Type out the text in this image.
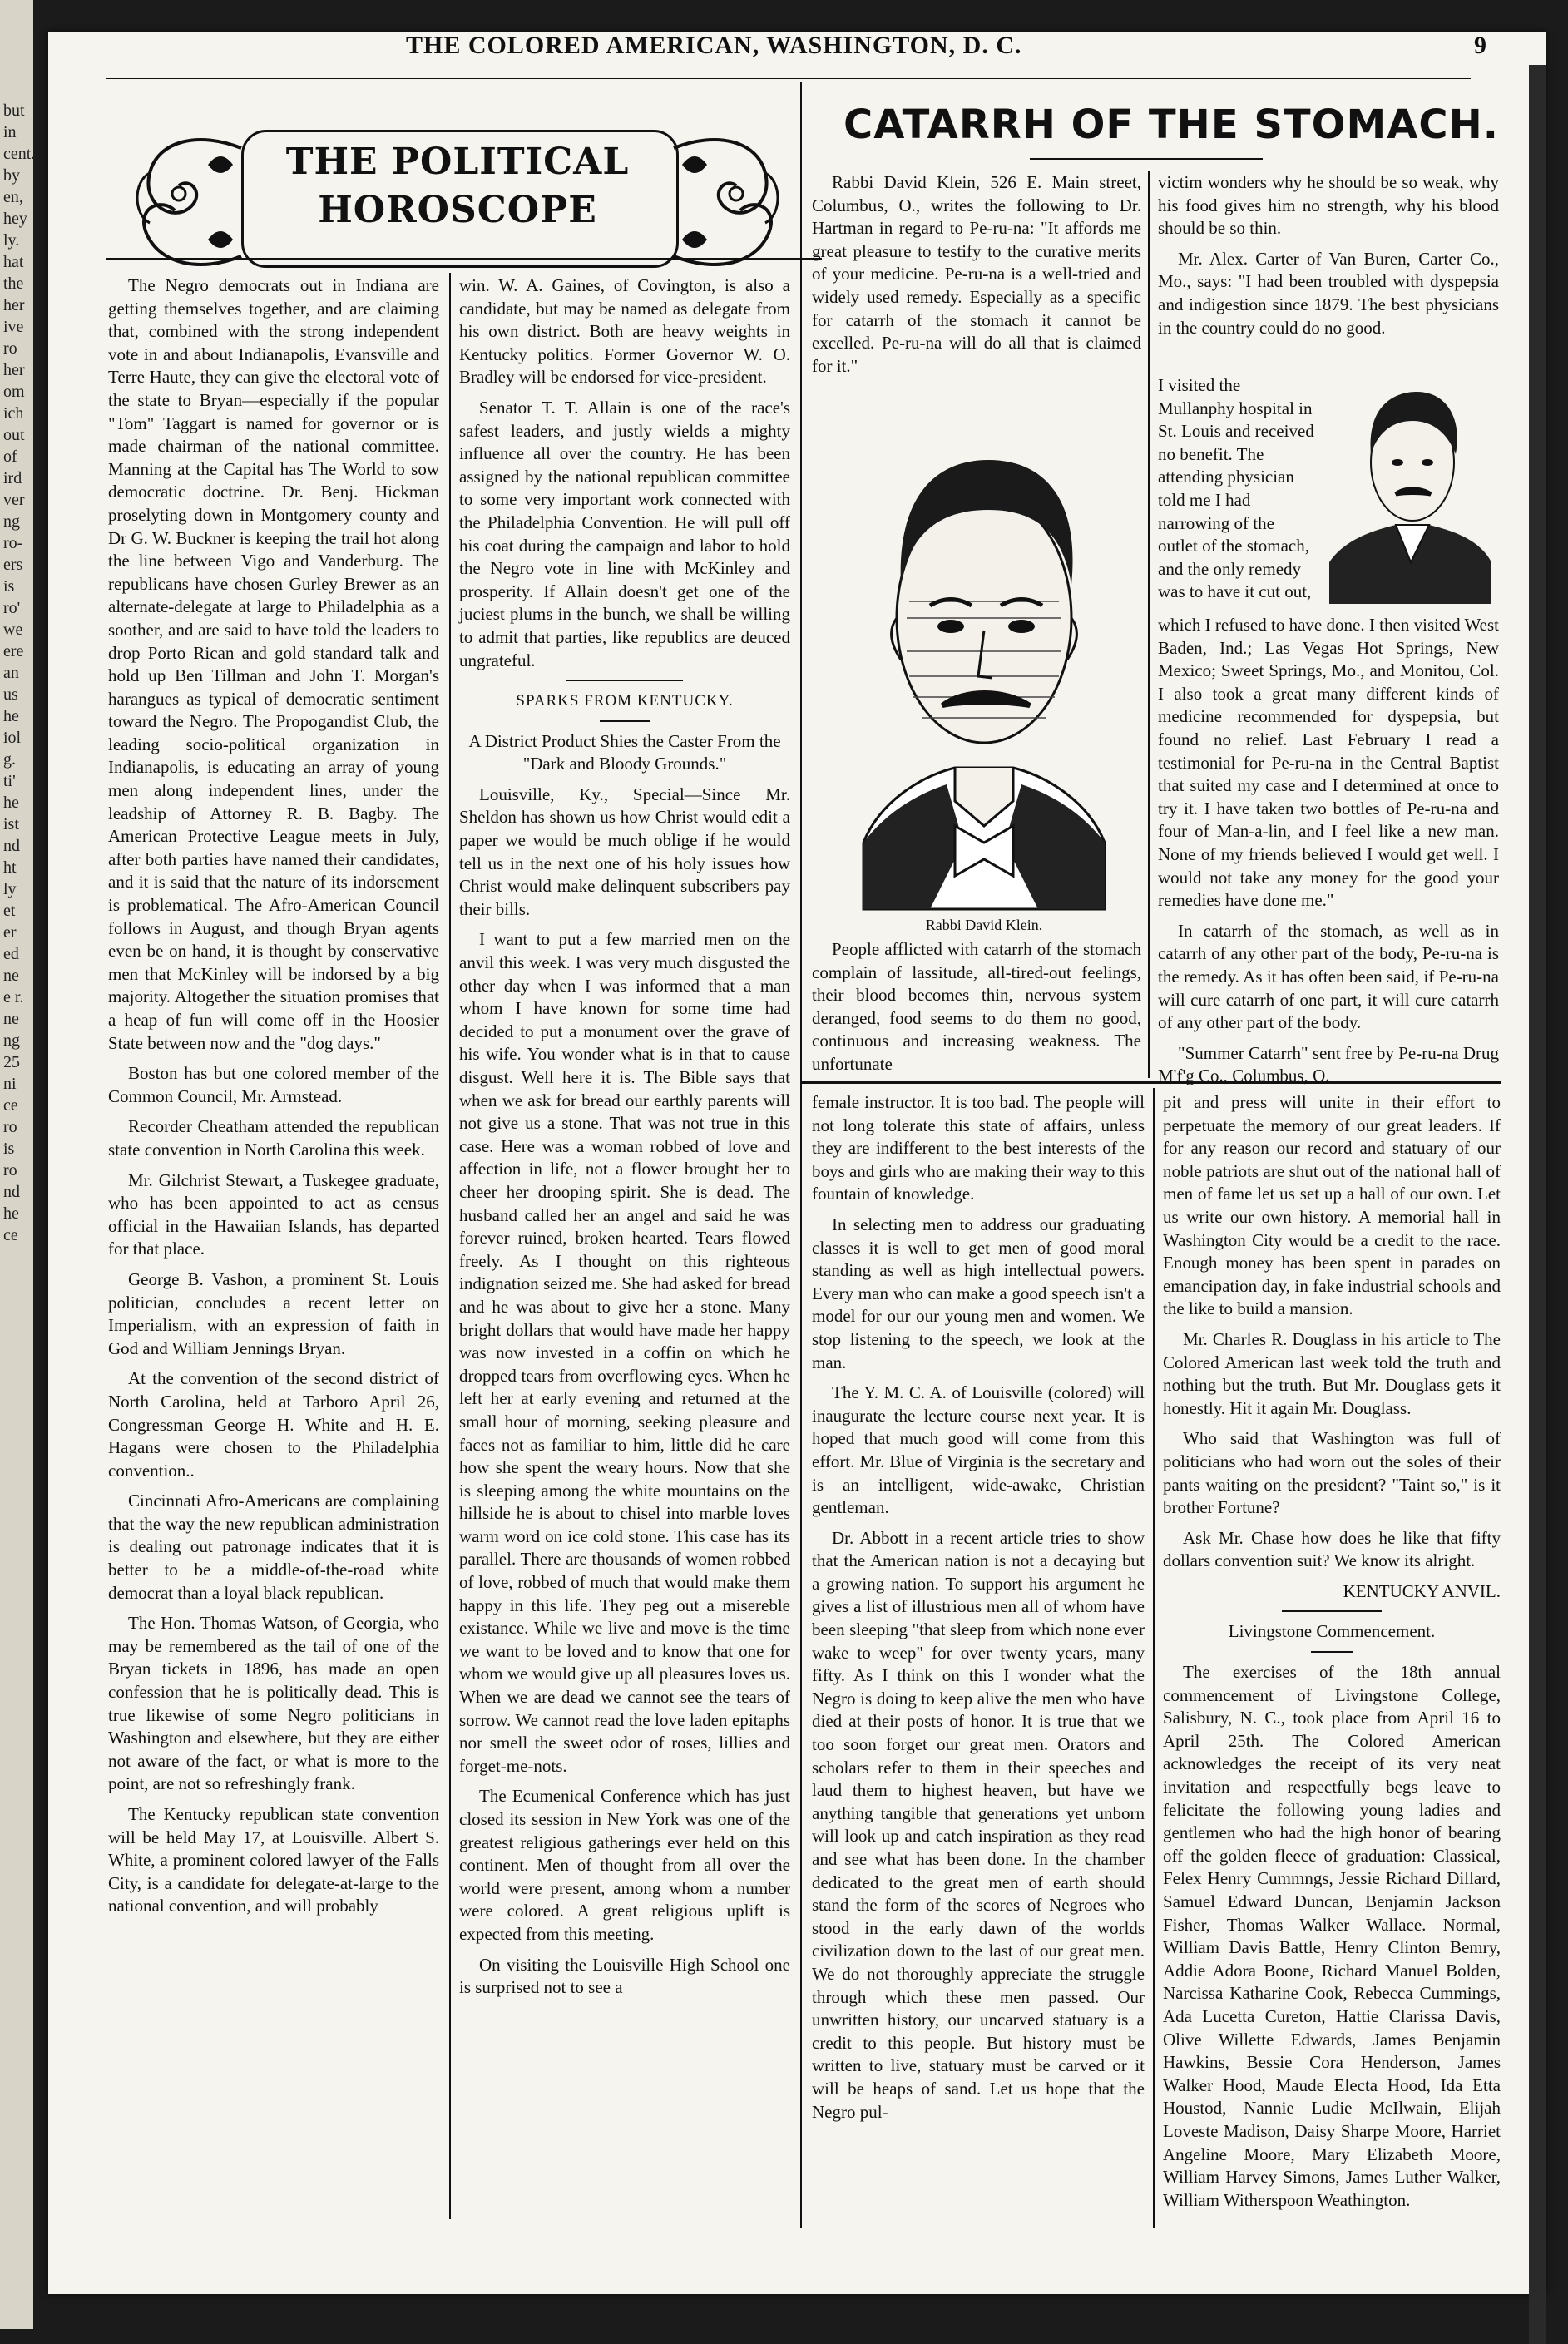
but in cent. by en, hey ly. hat the her ive ro her om ich out of ird ver ng ro- ers is ro' we ere an us he iol g. ti' he ist nd ht ly et er ed ne e r. ne ng 25 ni ce ro is ro nd he ce
THE COLORED AMERICAN, WASHINGTON, D. C.	9
THE POLITICAL
HOROSCOPE

The Negro democrats out in Indiana are getting themselves together, and are claiming that, combined with the strong independent vote in and about Indianapolis, Evansville and Terre Haute, they can give the electoral vote of the state to Bryan—especially if the popular "Tom" Taggart is named for governor or is made chairman of the national committee. Manning at the Capital has The World to sow democratic doctrine. Dr. Benj. Hickman proselyting down in Montgomery county and Dr G. W. Buckner is keeping the trail hot along the line between Vigo and Vanderburg. The republicans have chosen Gurley Brewer as an alternate-delegate at large to Philadelphia as a soother, and are said to have told the leaders to drop Porto Rican and gold standard talk and hold up Ben Tillman and John T. Morgan's harangues as typical of democratic sentiment toward the Negro. The Propogandist Club, the leading socio-political organization in Indianapolis, is educating an array of young men along independent lines, under the leadship of Attorney R. B. Bagby. The American Protective League meets in July, after both parties have named their candidates, and it is said that the nature of its indorsement is problematical. The Afro-American Council follows in August, and though Bryan agents even be on hand, it is thought by conservative men that McKinley will be indorsed by a big majority. Altogether the situation promises that a heap of fun will come off in the Hoosier State between now and the "dog days."

Boston has but one colored member of the Common Council, Mr. Armstead.

Recorder Cheatham attended the republican state convention in North Carolina this week.

Mr. Gilchrist Stewart, a Tuskegee graduate, who has been appointed to act as census official in the Hawaiian Islands, has departed for that place.

George B. Vashon, a prominent St. Louis politician, concludes a recent letter on Imperialism, with an expression of faith in God and William Jennings Bryan.

At the convention of the second district of North Carolina, held at Tarboro April 26, Congressman George H. White and H. E. Hagans were chosen to the Philadelphia convention..

Cincinnati Afro-Americans are complaining that the way the new republican administration is dealing out patronage indicates that it is better to be a middle-of-the-road white democrat than a loyal black republican.

The Hon. Thomas Watson, of Georgia, who may be remembered as the tail of one of the Bryan tickets in 1896, has made an open confession that he is politically dead. This is true likewise of some Negro politicians in Washington and elsewhere, but they are either not aware of the fact, or what is more to the point, are not so refreshingly frank.

The Kentucky republican state convention will be held May 17, at Louisville. Albert S. White, a prominent colored lawyer of the Falls City, is a candidate for delegate-at-large to the national convention, and will probably

win. W. A. Gaines, of Covington, is also a candidate, but may be named as delegate from his own district. Both are heavy weights in Kentucky politics. Former Governor W. O. Bradley will be endorsed for vice-president.

Senator T. T. Allain is one of the race's safest leaders, and justly wields a mighty influence all over the country. He has been assigned by the national republican committee to some very important work connected with the Philadelphia Convention. He will pull off his coat during the campaign and labor to hold the Negro vote in line with McKinley and prosperity. If Allain doesn't get one of the juciest plums in the bunch, we shall be willing to admit that parties, like republics are deuced ungrateful.

SPARKS FROM KENTUCKY.

A District Product Shies the Caster From the "Dark and Bloody Grounds."

Louisville, Ky., Special—Since Mr. Sheldon has shown us how Christ would edit a paper we would be much oblige if he would tell us in the next one of his holy issues how Christ would make delinquent subscribers pay their bills.

I want to put a few married men on the anvil this week. I was very much disgusted the other day when I was informed that a man whom I have known for some time had decided to put a monument over the grave of his wife. You wonder what is in that to cause disgust. Well here it is. The Bible says that when we ask for bread our earthly parents will not give us a stone. That was not true in this case. Here was a woman robbed of love and affection in life, not a flower brought her to cheer her drooping spirit. She is dead. The husband called her an angel and said he was forever ruined, broken hearted. Tears flowed freely. As I thought on this righteous indignation seized me. She had asked for bread and he was about to give her a stone. Many bright dollars that would have made her happy was now invested in a coffin on which he dropped tears from overflowing eyes. When he left her at early evening and returned at the small hour of morning, seeking pleasure and faces not as familiar to him, little did he care how she spent the weary hours. Now that she is sleeping among the white mountains on the hillside he is about to chisel into marble loves warm word on ice cold stone. This case has its parallel. There are thousands of women robbed of love, robbed of much that would make them happy in this life. They peg out a misereble existance. While we live and move is the time we want to be loved and to know that one for whom we would give up all pleasures loves us. When we are dead we cannot see the tears of sorrow. We cannot read the love laden epitaphs nor smell the sweet odor of roses, lillies and forget-me-nots.

The Ecumenical Conference which has just closed its session in New York was one of the greatest religious gatherings ever held on this continent. Men of thought from all over the world were present, among whom a number were colored. A great religious uplift is expected from this meeting.

On visiting the Louisville High School one is surprised not to see a

CATARRH OF THE STOMACH.

Rabbi David Klein, 526 E. Main street, Columbus, O., writes the following to Dr. Hartman in regard to Pe-ru-na: "It affords me great pleasure to testify to the curative merits of your medicine. Pe-ru-na is a well-tried and widely used remedy. Especially as a specific for catarrh of the stomach it cannot be excelled. Pe-ru-na will do all that is claimed for it."

Rabbi David Klein.

People afflicted with catarrh of the stomach complain of lassitude, all-tired-out feelings, their blood becomes thin, nervous system deranged, food seems to do them no good, continuous and increasing weakness. The unfortunate

victim wonders why he should be so weak, why his food gives him no strength, why his blood should be so thin.

Mr. Alex. Carter of Van Buren, Carter Co., Mo., says: "I had been troubled with dyspepsia and indigestion since 1879. The best physicians in the country could do no good.

I visited the Mullanphy hospital in St. Louis and received no benefit. The attending physician told me I had narrowing of the outlet of the stomach, and the only remedy was to have it cut out,

which I refused to have done. I then visited West Baden, Ind.; Las Vegas Hot Springs, New Mexico; Sweet Springs, Mo., and Monitou, Col. I also took a great many different kinds of medicine recommended for dyspepsia, but found no relief. Last February I read a testimonial for Pe-ru-na in the Central Baptist that suited my case and I determined at once to try it. I have taken two bottles of Pe-ru-na and four of Man-a-lin, and I feel like a new man. None of my friends believed I would get well. I would not take any money for the good your remedies have done me."

In catarrh of the stomach, as well as in catarrh of any other part of the body, Pe-ru-na is the remedy. As it has often been said, if Pe-ru-na will cure catarrh of one part, it will cure catarrh of any other part of the body.

"Summer Catarrh" sent free by Pe-ru-na Drug M'f'g Co., Columbus, O.

female instructor. It is too bad. The people will not long tolerate this state of affairs, unless they are indifferent to the best interests of the boys and girls who are making their way to this fountain of knowledge.

In selecting men to address our graduating classes it is well to get men of good moral standing as well as high intellectual powers. Every man who can make a good speech isn't a model for our our young men and women. We stop listening to the speech, we look at the man.

The Y. M. C. A. of Louisville (colored) will inaugurate the lecture course next year. It is hoped that much good will come from this effort. Mr. Blue of Virginia is the secretary and is an intelligent, wide-awake, Christian gentleman.

Dr. Abbott in a recent article tries to show that the American nation is not a decaying but a growing nation. To support his argument he gives a list of illustrious men all of whom have been sleeping "that sleep from which none ever wake to weep" for over twenty years, many fifty. As I think on this I wonder what the Negro is doing to keep alive the men who have died at their posts of honor. It is true that we too soon forget our great men. Orators and scholars refer to them in their speeches and laud them to highest heaven, but have we anything tangible that generations yet unborn will look up and catch inspiration as they read and see what has been done. In the chamber dedicated to the great men of earth should stand the form of the scores of Negroes who stood in the early dawn of the worlds civilization down to the last of our great men. We do not thoroughly appreciate the struggle through which these men passed. Our unwritten history, our uncarved statuary is a credit to this people. But history must be written to live, statuary must be carved or it will be heaps of sand. Let us hope that the Negro pul-

pit and press will unite in their effort to perpetuate the memory of our great leaders. If for any reason our record and statuary of our noble patriots are shut out of the national hall of men of fame let us set up a hall of our own. Let us write our own history. A memorial hall in Washington City would be a credit to the race. Enough money has been spent in parades on emancipation day, in fake industrial schools and the like to build a mansion.

Mr. Charles R. Douglass in his article to The Colored American last week told the truth and nothing but the truth. But Mr. Douglass gets it honestly. Hit it again Mr. Douglass.

Who said that Washington was full of politicians who had worn out the soles of their pants waiting on the president? "Taint so," is it brother Fortune?

Ask Mr. Chase how does he like that fifty dollars convention suit? We know its alright.

KENTUCKY ANVIL.

Livingstone Commencement.

The exercises of the 18th annual commencement of Livingstone College, Salisbury, N. C., took place from April 16 to April 25th. The Colored American acknowledges the receipt of its very neat invitation and respectfully begs leave to felicitate the following young ladies and gentlemen who had the high honor of bearing off the golden fleece of graduation: Classical, Felex Henry Cummngs, Jessie Richard Dillard, Samuel Edward Duncan, Benjamin Jackson Fisher, Thomas Walker Wallace. Normal, William Davis Battle, Henry Clinton Bemry, Addie Adora Boone, Richard Manuel Bolden, Narcissa Katharine Cook, Rebecca Cummings, Ada Lucetta Cureton, Hattie Clarissa Davis, Olive Willette Edwards, James Benjamin Hawkins, Bessie Cora Henderson, James Walker Hood, Maude Electa Hood, Ida Etta Houstod, Nannie Ludie McIlwain, Elijah Loveste Madison, Daisy Sharpe Moore, Harriet Angeline Moore, Mary Elizabeth Moore, William Harvey Simons, James Luther Walker, William Witherspoon Weathington.
